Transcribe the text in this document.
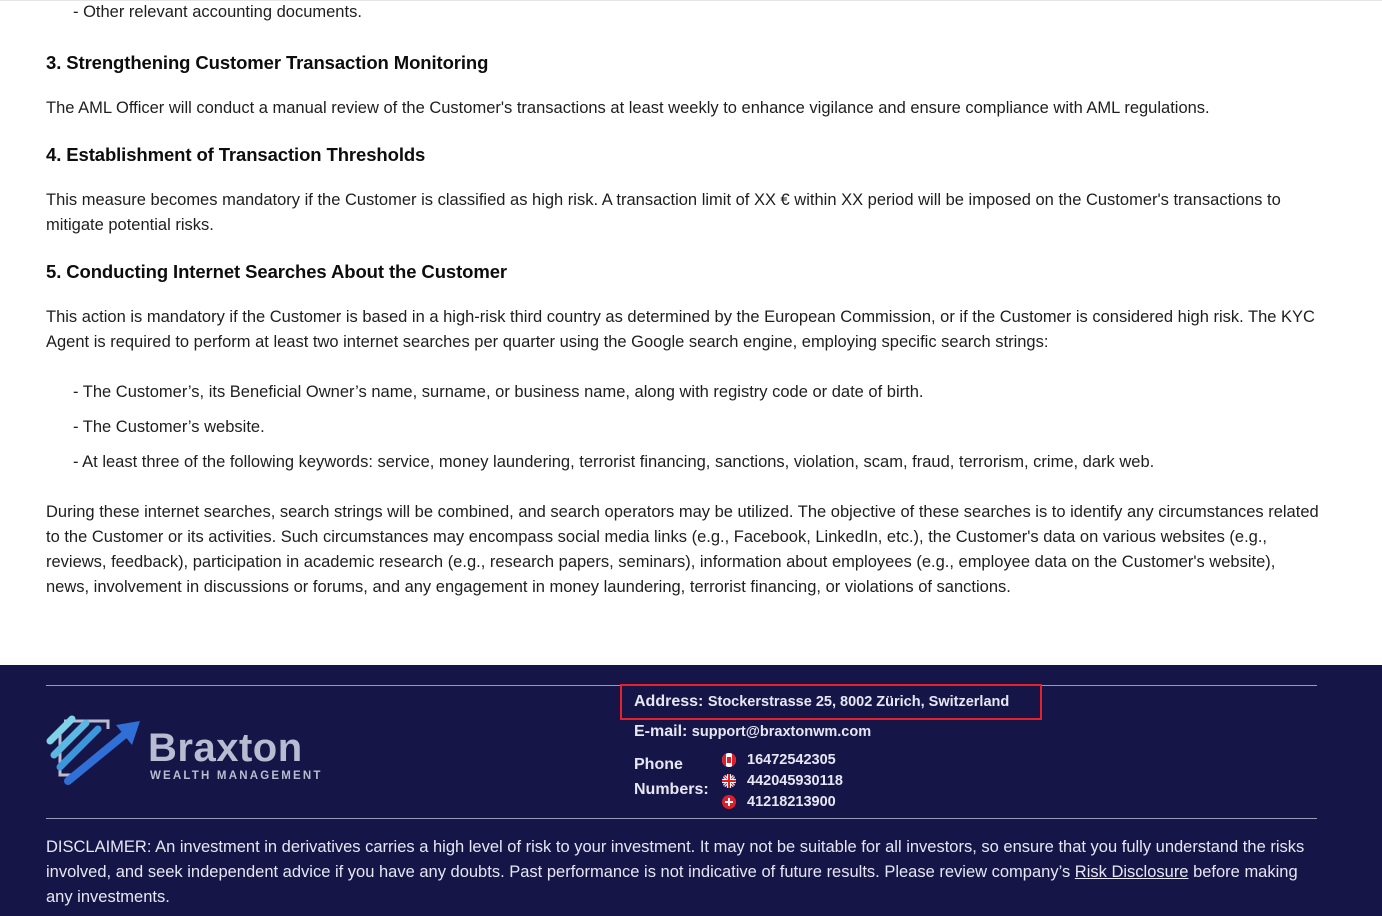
- Other relevant accounting documents.
3. Strengthening Customer Transaction Monitoring
The AML Officer will conduct a manual review of the Customer's transactions at least weekly to enhance vigilance and ensure compliance with AML regulations.
4. Establishment of Transaction Thresholds
This measure becomes mandatory if the Customer is classified as high risk. A transaction limit of XX € within XX period will be imposed on the Customer's transactions to mitigate potential risks.
5. Conducting Internet Searches About the Customer
This action is mandatory if the Customer is based in a high-risk third country as determined by the European Commission, or if the Customer is considered high risk. The KYC Agent is required to perform at least two internet searches per quarter using the Google search engine, employing specific search strings:
- The Customer’s, its Beneficial Owner’s name, surname, or business name, along with registry code or date of birth.
- The Customer’s website.
- At least three of the following keywords: service, money laundering, terrorist financing, sanctions, violation, scam, fraud, terrorism, crime, dark web.
During these internet searches, search strings will be combined, and search operators may be utilized. The objective of these searches is to identify any circumstances related to the Customer or its activities. Such circumstances may encompass social media links (e.g., Facebook, LinkedIn, etc.), the Customer's data on various websites (e.g., reviews, feedback), participation in academic research (e.g., research papers, seminars), information about employees (e.g., employee data on the Customer's website), news, involvement in discussions or forums, and any engagement in money laundering, terrorist financing, or violations of sanctions.
Braxton
WEALTH MANAGEMENT
Address: Stockerstrasse 25, 8002 Zürich, Switzerland
E-mail: support@braxtonwm.com
Phone
Numbers:
16472542305
442045930118
41218213900
DISCLAIMER: An investment in derivatives carries a high level of risk to your investment. It may not be suitable for all investors, so ensure that you fully understand the risks involved, and seek independent advice if you have any doubts. Past performance is not indicative of future results. Please review company’s Risk Disclosure before making any investments.
